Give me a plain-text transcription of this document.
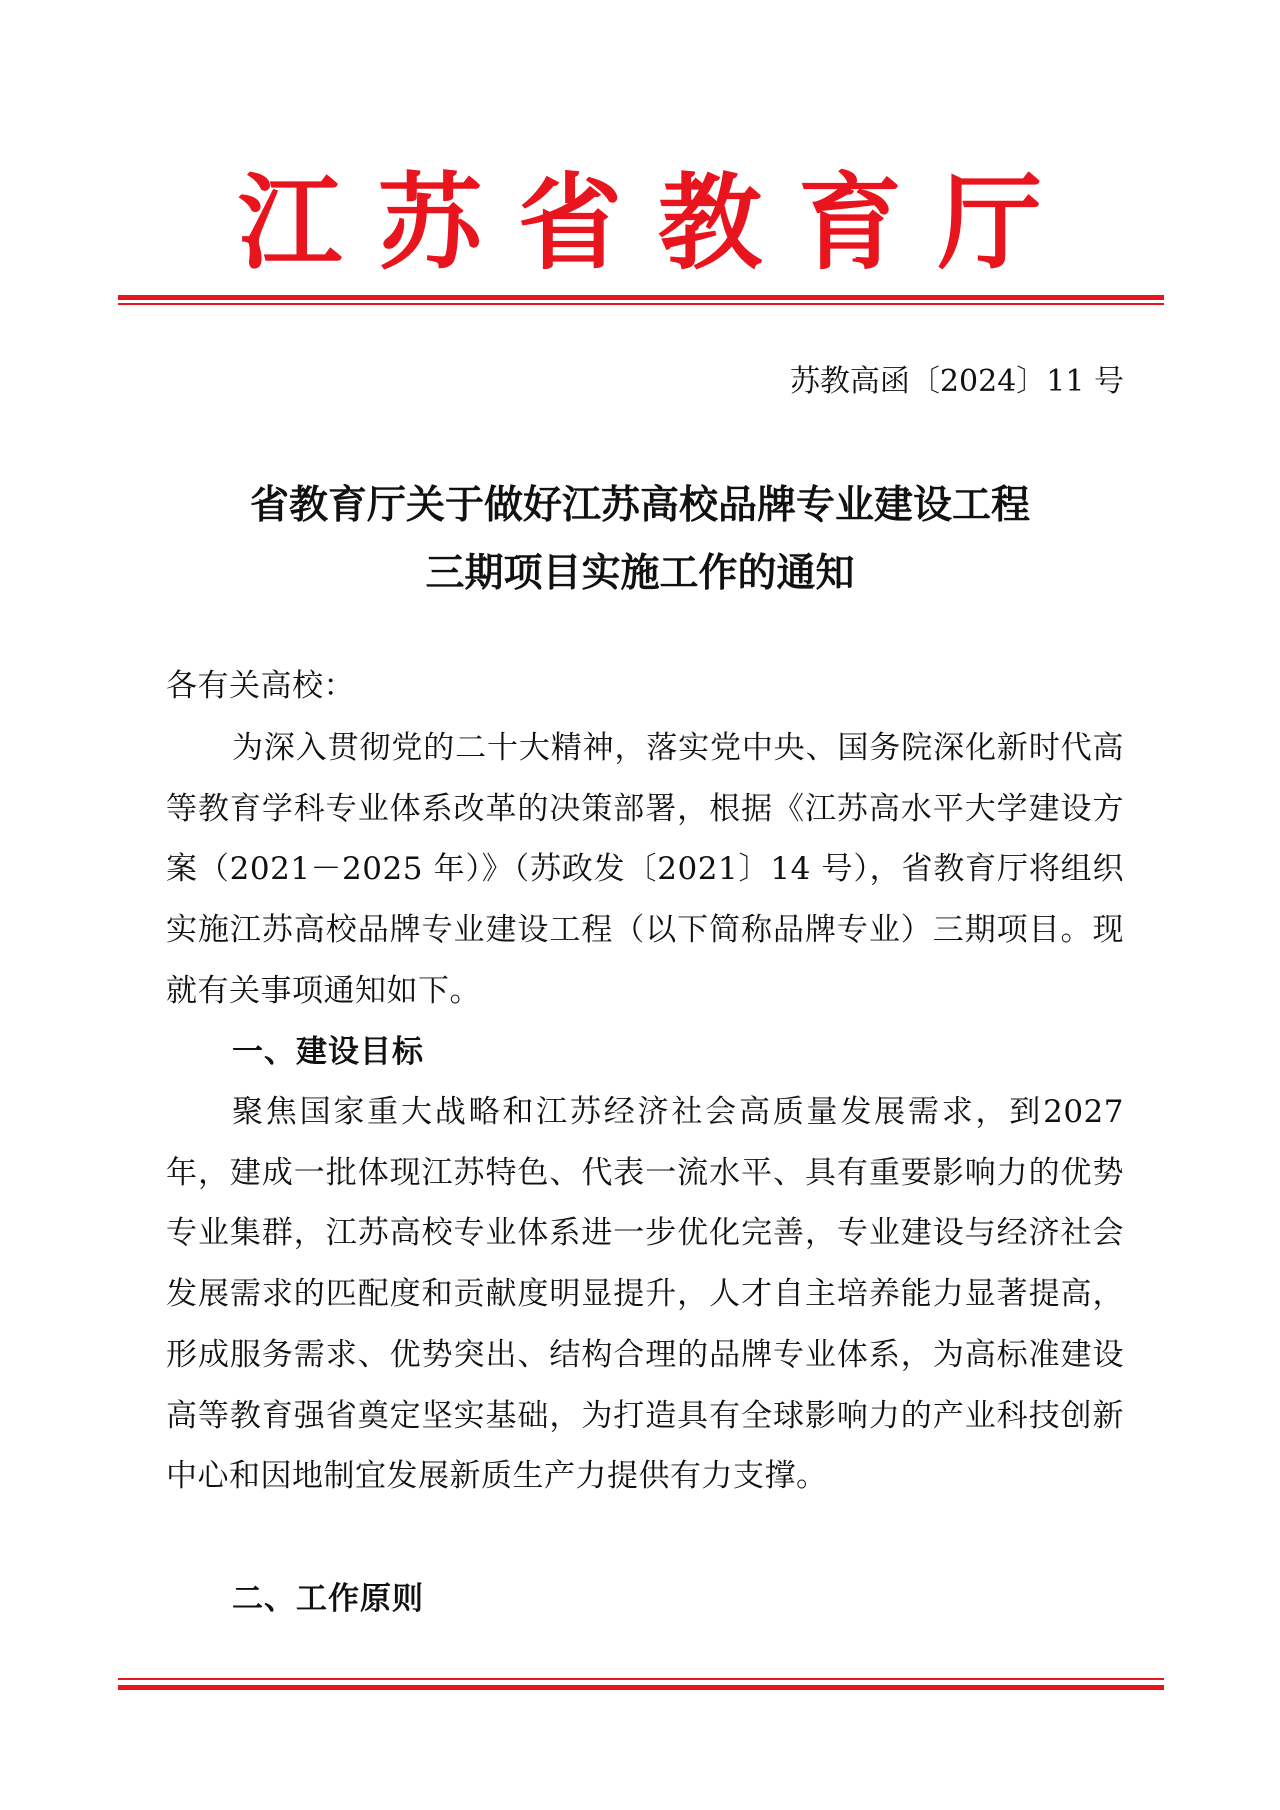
江 苏 省 教 育 厅
苏教高函〔2024〕11 号
省教育厅关于做好江苏高校品牌专业建设工程
三期项目实施工作的通知
各有关高校：
为深入贯彻党的二十大精神，落实党中央、国务院深化新时代高等教育学科专业体系改革的决策部署，根据《江苏高水平大学建设方案（2021－2025 年）》（苏政发〔2021〕14 号），省教育厅将组织实施江苏高校品牌专业建设工程（以下简称品牌专业）三期项目。现就有关事项通知如下。
一、建设目标
聚焦国家重大战略和江苏经济社会高质量发展需求，到2027年，建成一批体现江苏特色、代表一流水平、具有重要影响力的优势专业集群，江苏高校专业体系进一步优化完善，专业建设与经济社会发展需求的匹配度和贡献度明显提升，人才自主培养能力显著提高，形成服务需求、优势突出、结构合理的品牌专业体系，为高标准建设高等教育强省奠定坚实基础，为打造具有全球影响力的产业科技创新中心和因地制宜发展新质生产力提供有力支撑。
二、工作原则
